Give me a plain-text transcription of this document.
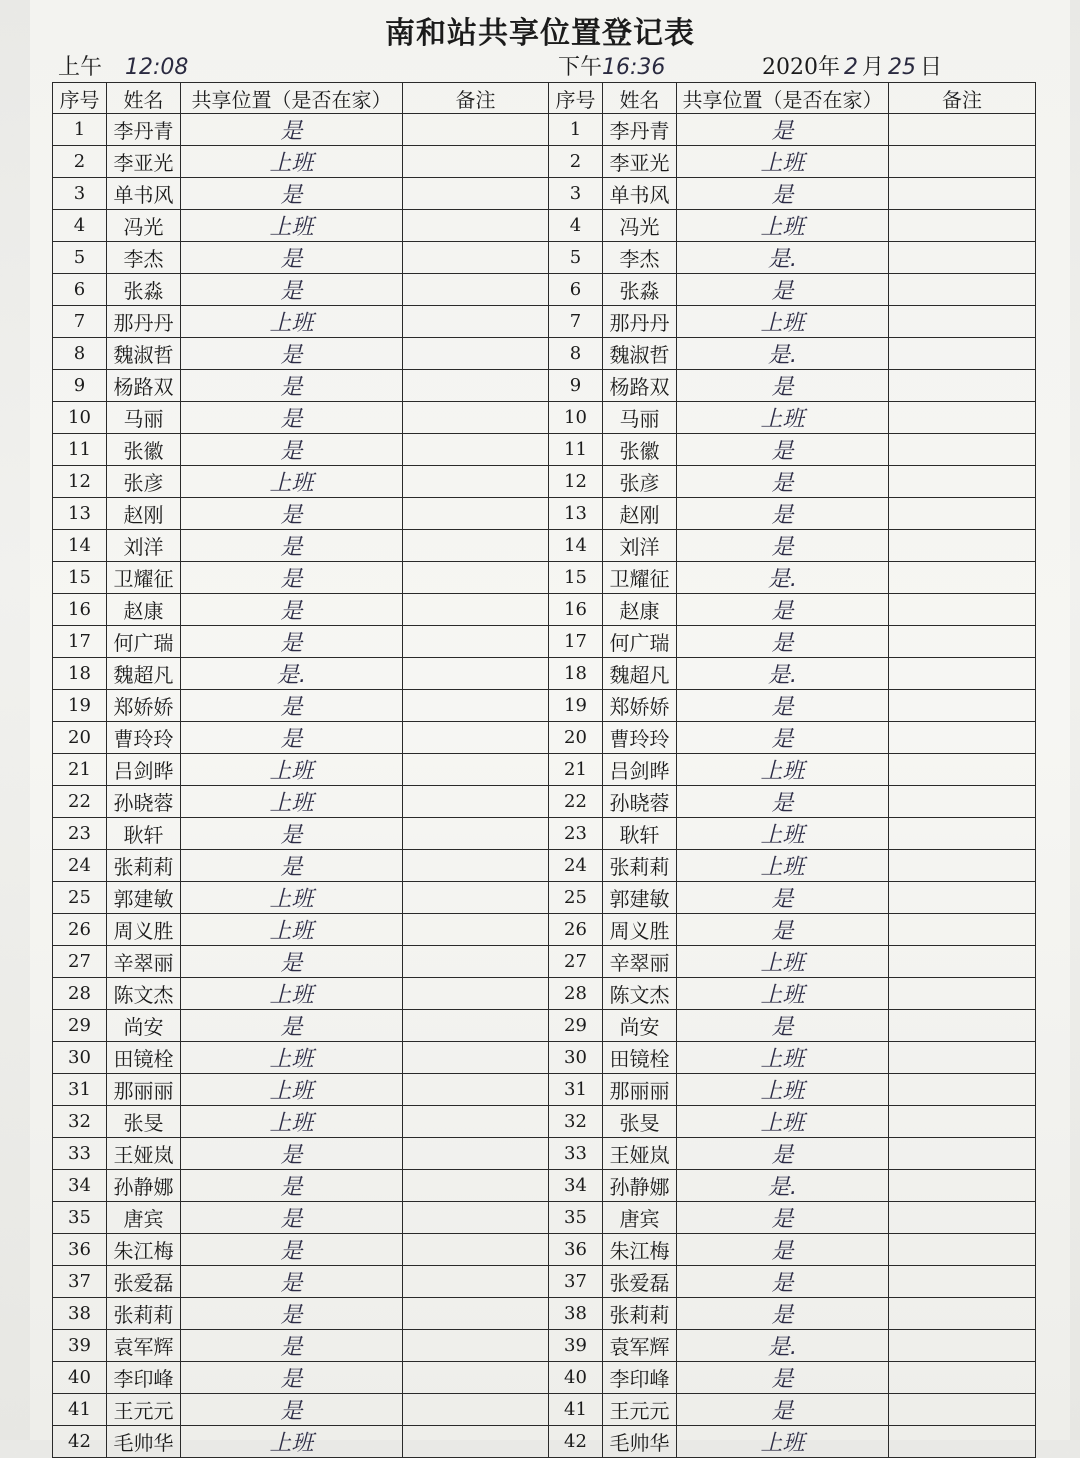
南和站共享位置登记表
上午 12:08	下午16:36	2020年 2 月 25 日
序号	姓名	共享位置（是否在家）	备注
1	李丹青	是	
2	李亚光	上班	
3	单书风	是	
4	冯光	上班	
5	李杰	是	
6	张淼	是	
7	那丹丹	上班	
8	魏淑哲	是	
9	杨路双	是	
10	马丽	是	
11	张徽	是	
12	张彦	上班	
13	赵刚	是	
14	刘洋	是	
15	卫耀征	是	
16	赵康	是	
17	何广瑞	是	
18	魏超凡	是.	
19	郑娇娇	是	
20	曹玲玲	是	
21	吕剑晔	上班	
22	孙晓蓉	上班	
23	耿轩	是	
24	张莉莉	是	
25	郭建敏	上班	
26	周义胜	上班	
27	辛翠丽	是	
28	陈文杰	上班	
29	尚安	是	
30	田镜栓	上班	
31	那丽丽	上班	
32	张旻	上班	
33	王娅岚	是	
34	孙静娜	是	
35	唐宾	是	
36	朱江梅	是	
37	张爱磊	是	
38	张莉莉	是	
39	袁军辉	是	
40	李印峰	是	
41	王元元	是	
42	毛帅华	上班	
序号	姓名	共享位置（是否在家）	备注
1	李丹青	是	
2	李亚光	上班	
3	单书风	是	
4	冯光	上班	
5	李杰	是.	
6	张淼	是	
7	那丹丹	上班	
8	魏淑哲	是.	
9	杨路双	是	
10	马丽	上班	
11	张徽	是	
12	张彦	是	
13	赵刚	是	
14	刘洋	是	
15	卫耀征	是.	
16	赵康	是	
17	何广瑞	是	
18	魏超凡	是.	
19	郑娇娇	是	
20	曹玲玲	是	
21	吕剑晔	上班	
22	孙晓蓉	是	
23	耿轩	上班	
24	张莉莉	上班	
25	郭建敏	是	
26	周义胜	是	
27	辛翠丽	上班	
28	陈文杰	上班	
29	尚安	是	
30	田镜栓	上班	
31	那丽丽	上班	
32	张旻	上班	
33	王娅岚	是	
34	孙静娜	是.	
35	唐宾	是	
36	朱江梅	是	
37	张爱磊	是	
38	张莉莉	是	
39	袁军辉	是.	
40	李印峰	是	
41	王元元	是	
42	毛帅华	上班	
